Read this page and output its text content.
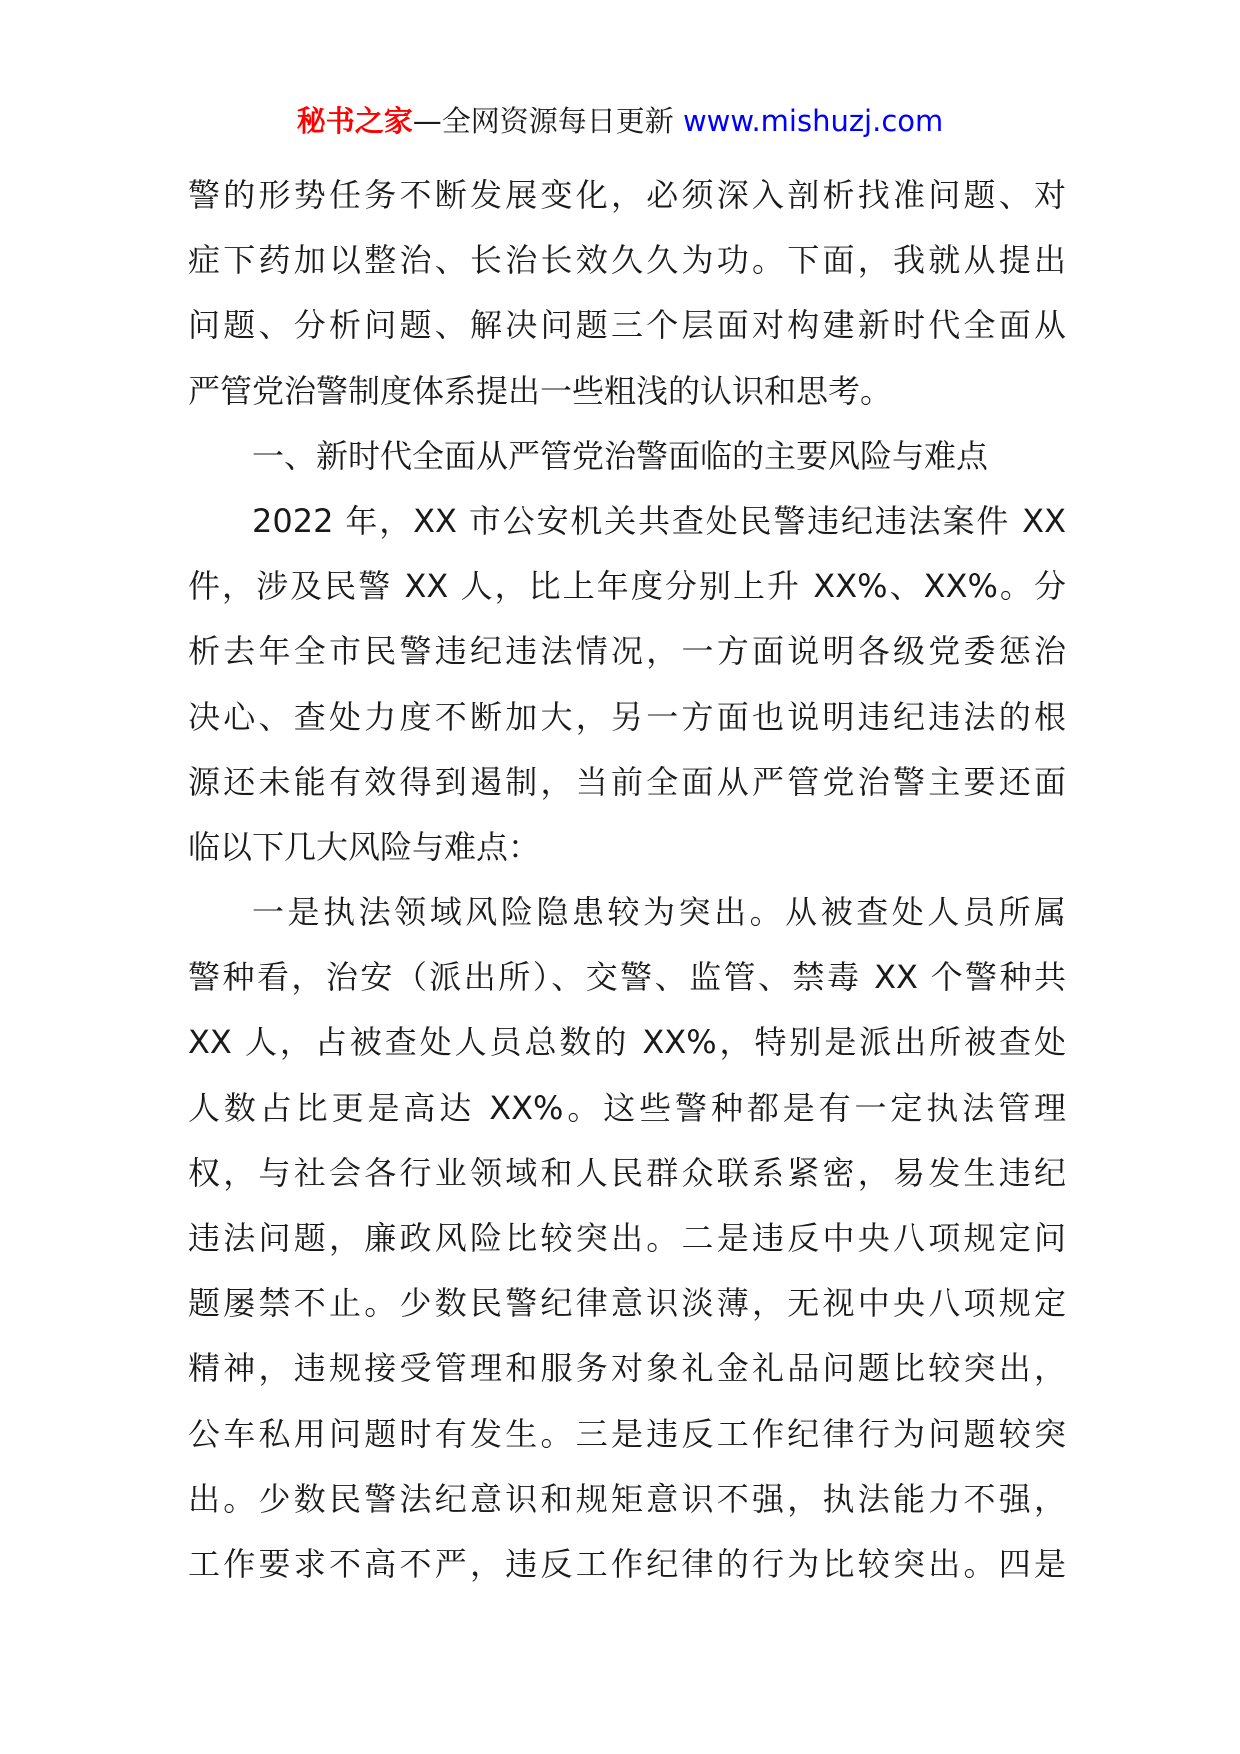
秘书之家—全网资源每日更新 www.mishuzj.com
警的形势任务不断发展变化，必须深入剖析找准问题、对
症下药加以整治、长治长效久久为功。下面，我就从提出
问题、分析问题、解决问题三个层面对构建新时代全面从
严管党治警制度体系提出一些粗浅的认识和思考。
一、新时代全面从严管党治警面临的主要风险与难点
2022 年，XX 市公安机关共查处民警违纪违法案件 XX
件，涉及民警 XX 人，比上年度分别上升 XX%、XX%。分
析去年全市民警违纪违法情况，一方面说明各级党委惩治
决心、查处力度不断加大，另一方面也说明违纪违法的根
源还未能有效得到遏制，当前全面从严管党治警主要还面
临以下几大风险与难点：
一是执法领域风险隐患较为突出。从被查处人员所属
警种看，治安（派出所）、交警、监管、禁毒 XX 个警种共
XX 人，占被查处人员总数的 XX%，特别是派出所被查处
人数占比更是高达 XX%。这些警种都是有一定执法管理
权，与社会各行业领域和人民群众联系紧密，易发生违纪
违法问题，廉政风险比较突出。二是违反中央八项规定问
题屡禁不止。少数民警纪律意识淡薄，无视中央八项规定
精神，违规接受管理和服务对象礼金礼品问题比较突出，
公车私用问题时有发生。三是违反工作纪律行为问题较突
出。少数民警法纪意识和规矩意识不强，执法能力不强，
工作要求不高不严，违反工作纪律的行为比较突出。四是
